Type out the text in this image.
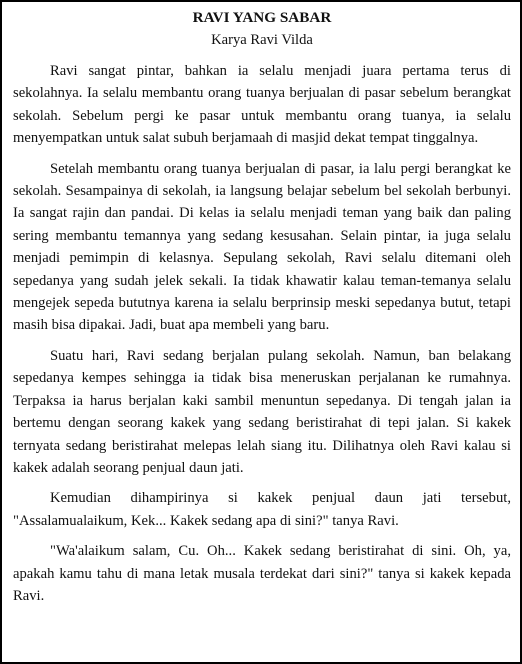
RAVI YANG SABAR

Karya Ravi Vilda

Ravi sangat pintar, bahkan ia selalu menjadi juara pertama terus di sekolahnya. Ia selalu membantu orang tuanya berjualan di pasar sebelum berangkat sekolah. Sebelum pergi ke pasar untuk membantu orang tuanya, ia selalu menyempatkan untuk salat subuh berjamaah di masjid dekat tempat tinggalnya.

Setelah membantu orang tuanya berjualan di pasar, ia lalu pergi berangkat ke sekolah. Sesampainya di sekolah, ia langsung belajar sebelum bel sekolah berbunyi. Ia sangat rajin dan pandai. Di kelas ia selalu menjadi teman yang baik dan paling sering membantu temannya yang sedang kesusahan. Selain pintar, ia juga selalu menjadi pemimpin di kelasnya. Sepulang sekolah, Ravi selalu ditemani oleh sepedanya yang sudah jelek sekali. Ia tidak khawatir kalau teman-temanya selalu mengejek sepeda butut​nya karena ia selalu berprinsip meski sepedanya butut, tetapi masih bisa dipakai. Jadi, buat apa membeli yang baru.

Suatu hari, Ravi sedang berjalan pulang sekolah. Namun, ban belakang sepedanya kempes sehingga ia tidak bisa meneruskan perjalanan ke rumahnya. Terpaksa ia harus berjalan kaki sambil menuntun sepedanya. Di tengah jalan ia bertemu dengan seorang kakek yang sedang beristirahat di tepi jalan. Si kakek ternyata sedang beristirahat melepas lelah siang itu. Dilihatnya oleh Ravi kalau si kakek adalah seorang penjual daun jati.

Kemudian dihampirinya si kakek penjual daun jati tersebut, "Assalamualaikum, Kek... Kakek sedang apa di sini?" tanya Ravi.

"Wa'alaikum salam, Cu. Oh... Kakek sedang beristirahat di sini. Oh, ya, apakah kamu tahu di mana letak musala terdekat dari sini?" tanya si kakek kepada Ravi.
